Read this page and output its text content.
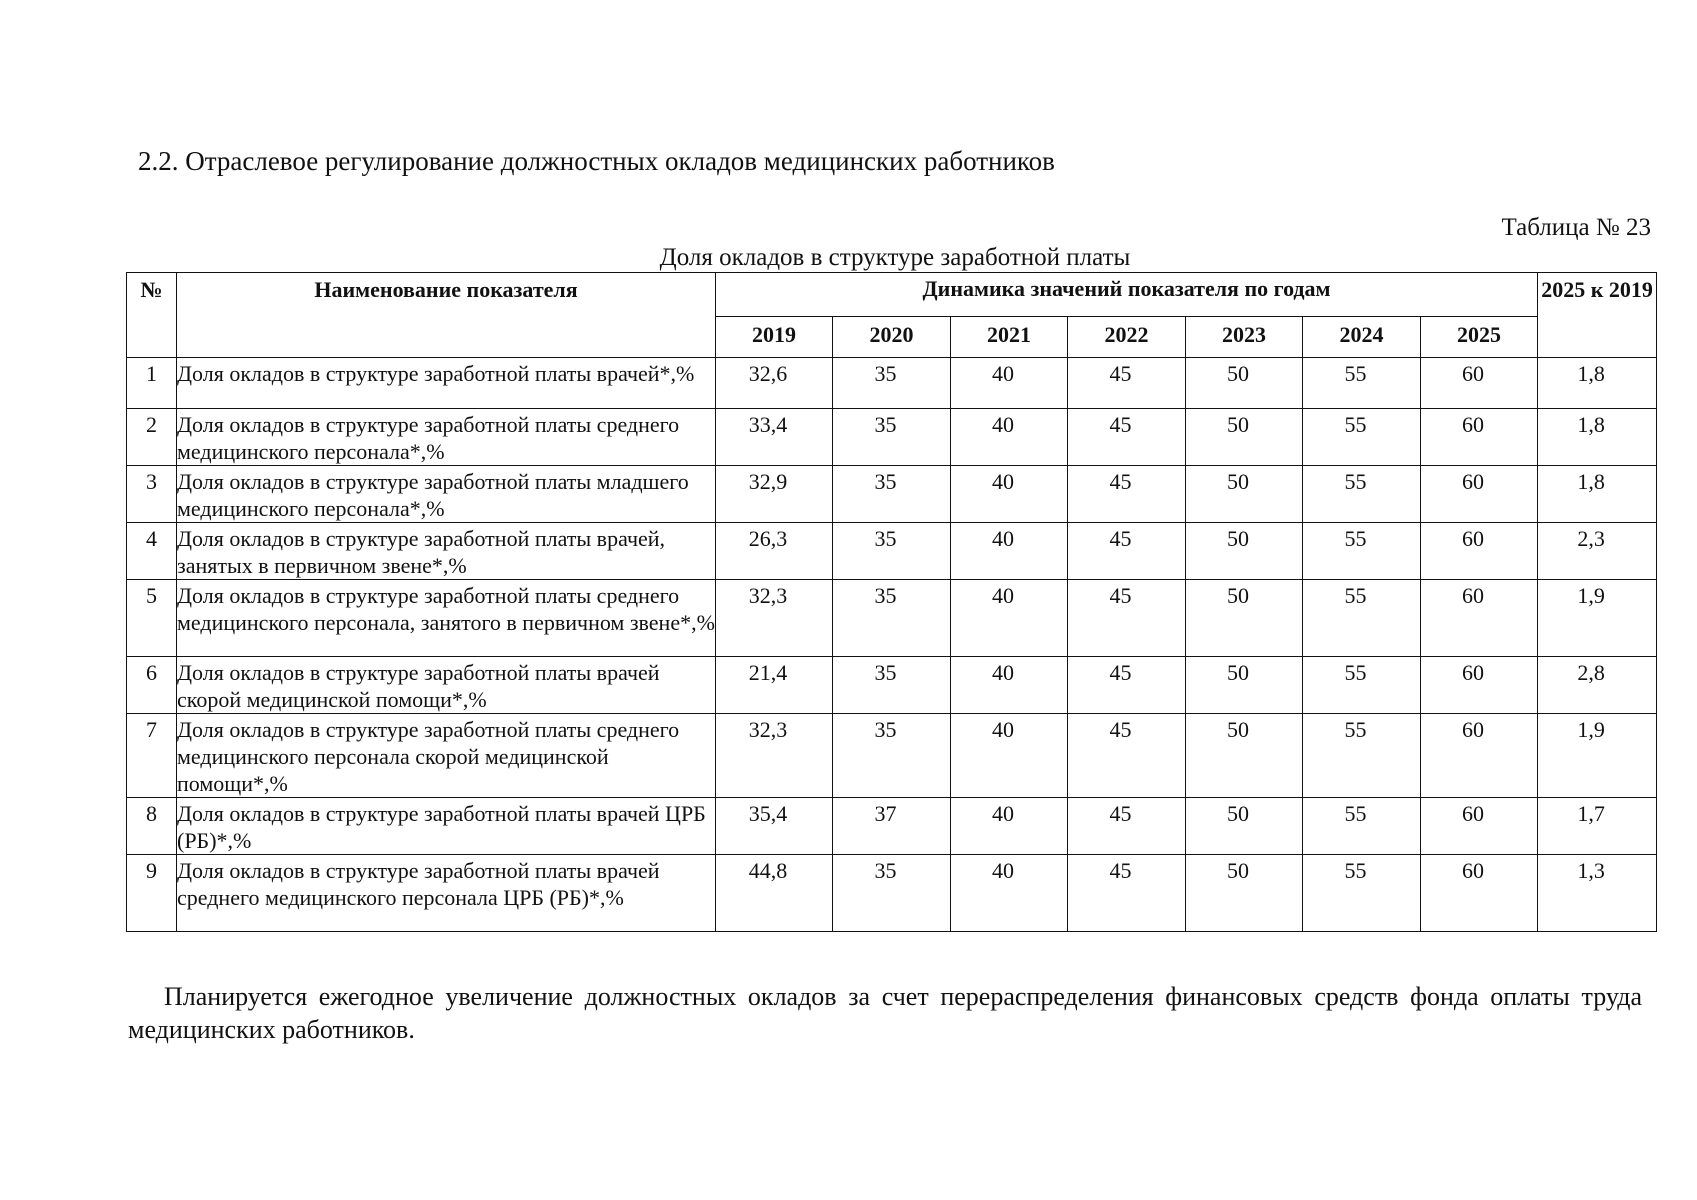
2.2. Отраслевое регулирование должностных окладов медицинских работников
Таблица № 23
Доля окладов в структуре заработной платы
№	Наименование показателя	Динамика значений показателя по годам							2025 к 2019
		2019	2020	2021	2022	2023	2024	2025	
1	Доля окладов в структуре заработной платы врачей*,%	32,6	35	40	45	50	55	60	1,8
2	Доля окладов в структуре заработной платы среднего медицинского персонала*,%	33,4	35	40	45	50	55	60	1,8
3	Доля окладов в структуре заработной платы младшего медицинского персонала*,%	32,9	35	40	45	50	55	60	1,8
4	Доля окладов в структуре заработной платы врачей, занятых в первичном звене*,%	26,3	35	40	45	50	55	60	2,3
5	Доля окладов в структуре заработной платы среднего медицинского персонала, занятого в первичном звене*,%	32,3	35	40	45	50	55	60	1,9
6	Доля окладов в структуре заработной платы врачей скорой медицинской помощи*,%	21,4	35	40	45	50	55	60	2,8
7	Доля окладов в структуре заработной платы среднего медицинского персонала скорой медицинской помощи*,%	32,3	35	40	45	50	55	60	1,9
8	Доля окладов в структуре заработной платы врачей ЦРБ (РБ)*,%	35,4	37	40	45	50	55	60	1,7
9	Доля окладов в структуре заработной платы врачей среднего медицинского персонала ЦРБ (РБ)*,%	44,8	35	40	45	50	55	60	1,3
Планируется ежегодное увеличение должностных окладов за счет перераспределения финансовых средств фонда оплаты труда медицинских работников.
